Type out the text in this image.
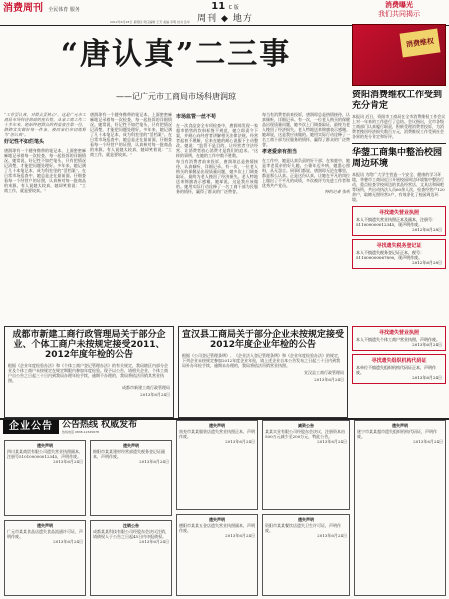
消费周刊 全民体育 服务	11 C 版
周刊 ◆ 地方
消费曝光
我们共同揭示
2012年6月28日 星期四 责任编辑 王芳 美编 李明 校对 张华
消费维权
“唐认真”二三事
——记广元市工商局市场科唐润琼

“工作要认真，对群众要热心”，这是广元市工商局市场科唐润琼的座右铭。从事工商工作二十多年来，她始终把群众的利益放在第一位，踏踏实实做好每一件事，被同事们亲切地称为“唐认真”。

好记性不如烂笔头

唐润琼有一个随身携带的笔记本，上面密密麻麻地记录着每一次检查、每一起投诉的详细情况。她常说，好记性不如烂笔头，只有把情况记清楚，才能把问题处理好。多年来，她记满了几十本笔记本，成为科室里的“活档案”。在日常市场巡查中，她总是走在最前面，仔细查看每一个经营户的证照，认真核对每一批商品的来源。有人说她太较真，她却笑着说：“工商工作，就是要较真。”

唐润琼有一个随身携带的笔记本，上面密密麻麻地记录着每一次检查、每一起投诉的详细情况。她常说，好记性不如烂笔头，只有把情况记清楚，才能把问题处理好。多年来，她记满了几十本笔记本，成为科室里的“活档案”。在日常市场巡查中，她总是走在最前面，仔细查看每一个经营户的证照，认真核对每一批商品的来源。有人说她太较真，她却笑着说：“工商工作，就是要较真。”

市场监管一丝不苟

在一次食品安全专项检查中，唐润琼发现一家超市销售的饮料标签不规范，她立即责令下架，并耐心向经营者讲解相关法律法规。经营者起初不理解，后来在她的耐心说服下主动整改。她说：“监管不是目的，让经营者守法经营、让消费者放心消费才是我们的追求。”这样的事例，在她的工作中数不胜数。

每当有消费者前来投诉，唐润琼总是热情接待，认真倾听，详细记录。有一次，一位老人购买的保健品出现质量问题，她多次上门调查取证，最终为老人挽回了经济损失。老人特地送来锦旗表示感谢。她却说，这是我应该做的。她用实际行动诠释了一名工商干部为民服务的情怀，赢得了群众的广泛赞誉。

每当有消费者前来投诉，唐润琼总是热情接待，认真倾听，详细记录。有一次，一位老人购买的保健品出现质量问题，她多次上门调查取证，最终为老人挽回了经济损失。老人特地送来锦旗表示感谢。她却说，这是我应该做的。她用实际行动诠释了一名工商干部为民服务的情怀，赢得了群众的广泛赞誉。

孝老爱亲有担当

在工作中，她是认真负责的好干部；在家庭中，她是孝老爱亲的好儿媳。公婆年迈多病，她悉心照料，从无怨言。同事们都说，唐润琼无论在哪里，都是那么认真。正是这份认真，让她在平凡的岗位上做出了不平凡的成绩，多次被评为先进工作者和优秀共产党员。

特约记者 张明

资阳消费维权工作受到充分肯定

本报讯 近日，资阳市工商局在全市消费维权工作会议上对一年来的工作进行了总结。会议指出，全市各级工商部门认真履行职责，积极受理消费者投诉，为消费者挽回经济损失数百万元，消费维权工作受到社会各界的充分肯定和好评。

华蓥工商集中整治校园周边环境

本报讯 为给广大学生营造一个安全、健康的学习环境，华蓥市工商局近日开展校园周边环境集中整治行动，重点检查学校周边的食品经营店、文具店和网吧等场所，共出动执法人员60余人次，检查经营户120余户，取缔无照经营5户，有效净化了校园周边环境。

寻找遗失营业执照

本人不慎遗失营业执照正本及副本，注册号：511000000012345，现声明作废。

2012年6月28日

寻找遗失税务登记证

本人不慎遗失税务登记证正本，税号：511000000067890，现声明作废。

2012年6月28日

成都市新建工商行政管理局关于部分企业、个体工商户未按规定接受2011、2012年度年检的公告

根据《企业年度检验办法》和《个体工商户登记管理办法》的有关规定，我局辖区内部分企业及个体工商户未按规定在规定期限内参加年度检验。现予以公告，请相关企业、个体工商户自公告之日起三十日内到我局办理年检手续，逾期不办理的，我局将依法吊销其营业执照。

成都市新建工商行政管理局

2013年6月24日

宣汉县工商局关于部分企业未按规定接受2012年度企业年检的公告

根据《公司登记管理条例》、《企业法人登记管理条例》和《企业年度检验办法》的规定，下列企业未按规定参加2012年度企业年检，请上述企业自本公告发布之日起三十日内到我局补办年检手续，逾期未办理的，我局将依法吊销营业执照。

宣汉县工商行政管理局

2013年6月24日

寻找遗失营业执照

本人不慎遗失个体工商户营业执照，声明作废。

2013年6月24日

寻找遗失组织机构代码证

本单位不慎遗失组织机构代码证正本，声明作废。

2013年6月24日

企业公告	公告热线 权威发布
热线电话 0838-12345678
遗失声明

四川某某商贸有限公司遗失营业执照副本，注册号510100000012345，声明作废。

2013年6月24日

遗失声明

广元市某某食品店遗失食品流通许可证，声明作废。

2013年6月24日

遗失声明

绵阳市某某建材经营部遗失税务登记证副本，声明作废。

2013年6月24日

注销公告

成都某某科技有限公司经股东会决议注销，请债权人于公告之日起45日内申报债权。

2013年6月24日

遗失声明

南充市某某服装店遗失营业执照正本，声明作废。

2013年6月24日

遗失声明

德阳市某某五金店遗失营业执照副本，声明作废。

2013年6月24日

减资公告

某某实业有限公司经股东会决议，注册资本由500万元减少至200万元，特此公告。

2013年6月24日

遗失声明

资阳市某某餐饮店遗失卫生许可证，声明作废。

2013年6月24日

遗失声明

遂宁市某某超市遗失组织机构代码证，声明作废。

2013年6月24日
